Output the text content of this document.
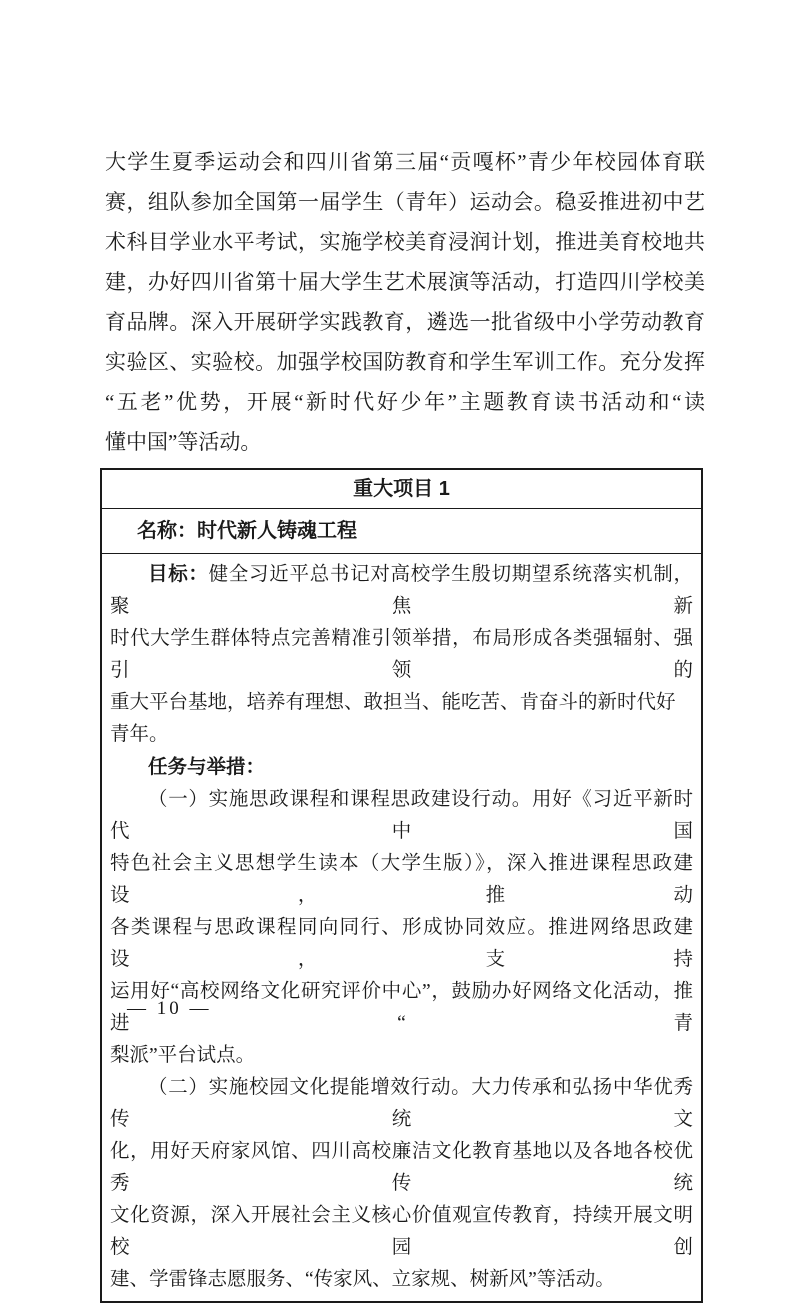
大学生夏季运动会和四川省第三届“贡嘎杯”青少年校园体育联
赛，组队参加全国第一届学生（青年）运动会。稳妥推进初中艺
术科目学业水平考试，实施学校美育浸润计划，推进美育校地共
建，办好四川省第十届大学生艺术展演等活动，打造四川学校美
育品牌。深入开展研学实践教育，遴选一批省级中小学劳动教育
实验区、实验校。加强学校国防教育和学生军训工作。充分发挥
“五老”优势，开展“新时代好少年”主题教育读书活动和“读
懂中国”等活动。
重大项目 1
名称：时代新人铸魂工程
目标：健全习近平总书记对高校学生殷切期望系统落实机制，聚焦新
时代大学生群体特点完善精准引领举措，布局形成各类强辐射、强引领的
重大平台基地，培养有理想、敢担当、能吃苦、肯奋斗的新时代好青年。
任务与举措：
（一）实施思政课程和课程思政建设行动。用好《习近平新时代中国
特色社会主义思想学生读本（大学生版）》，深入推进课程思政建设，推动
各类课程与思政课程同向同行、形成协同效应。推进网络思政建设，支持
运用好“高校网络文化研究评价中心”，鼓励办好网络文化活动，推进“青
梨派”平台试点。
（二）实施校园文化提能增效行动。大力传承和弘扬中华优秀传统文
化，用好天府家风馆、四川高校廉洁文化教育基地以及各地各校优秀传统
文化资源，深入开展社会主义核心价值观宣传教育，持续开展文明校园创
建、学雷锋志愿服务、“传家风、立家规、树新风”等活动。
— 10 —
